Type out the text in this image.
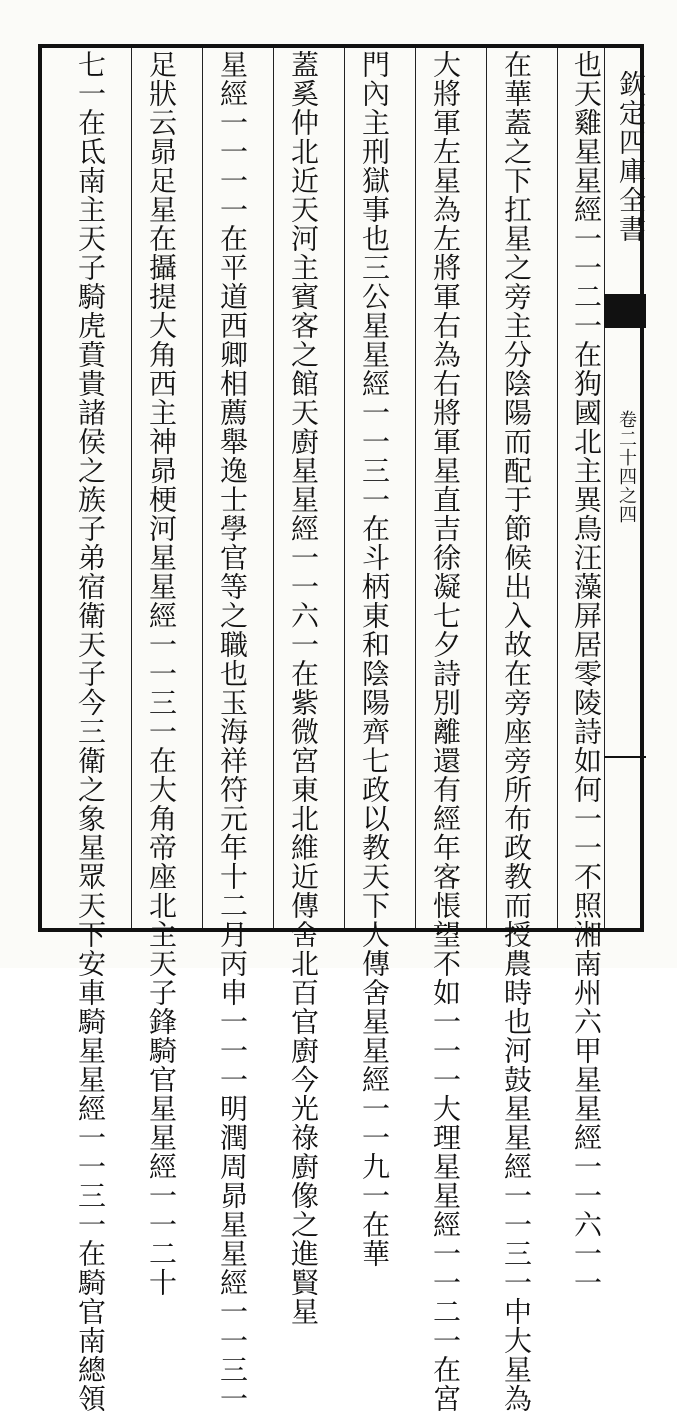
欽定四庫全書
卷二十四之四
也天雞星星經一一二一在狗國北主異鳥汪藻屏居零陵詩如何一一不照湘南州六甲星星經一一六一一
在華蓋之下扛星之旁主分陰陽而配于節候出入故在旁座旁所布政教而授農時也河鼓星星經一一三一中大星為
大將軍左星為左將軍右為右將軍星直吉徐凝七夕詩別離還有經年客悵望不如一一一大理星星經一一二一在宮
門內主刑獄事也三公星星經一一三一在斗柄東和陰陽齊七政以教天下人傳舍星星經一一九一在華
蓋奚仲北近天河主賓客之館天廚星星經一一六一在紫微宮東北維近傳舍北百官廚今光祿廚像之進賢星
星經一一一一在平道西卿相薦舉逸士學官等之職也玉海祥符元年十二月丙申一一一明潤周昴星星經一一三一
足狀云昴足星在攝提大角西主神昴梗河星星經一一三一在大角帝座北主天子鋒騎官星星經一一二十
七一在氐南主天子騎虎賁貴諸侯之族子弟宿衛天子今三衛之象星眾天下安車騎星星經一一三一在騎官南總領
